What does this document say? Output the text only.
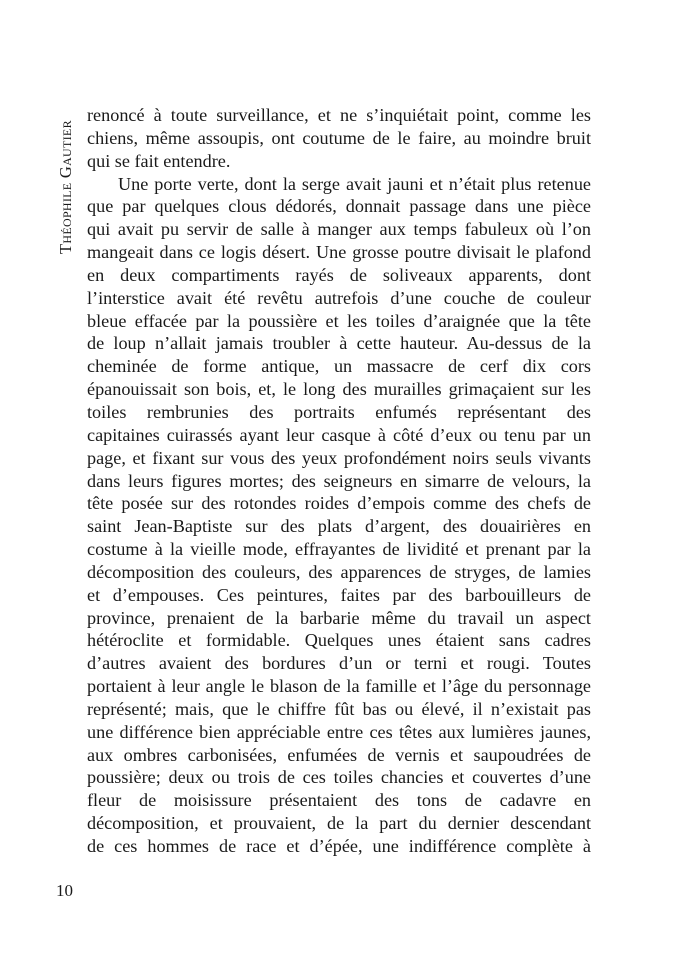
Théophile Gautier
renoncé à toute surveillance, et ne s’inquiétait point, comme les
chiens, même assoupis, ont coutume de le faire, au moindre bruit
qui se fait entendre.
Une porte verte, dont la serge avait jauni et n’était plus retenue
que par quelques clous dédorés, donnait passage dans une pièce
qui avait pu servir de salle à manger aux temps fabuleux où l’on
mangeait dans ce logis désert. Une grosse poutre divisait le plafond
en deux compartiments rayés de soliveaux apparents, dont
l’interstice avait été revêtu autrefois d’une couche de couleur
bleue effacée par la poussière et les toiles d’araignée que la tête
de loup n’allait jamais troubler à cette hauteur. Au-dessus de la
cheminée de forme antique, un massacre de cerf dix cors
épanouissait son bois, et, le long des murailles grimaçaient sur les
toiles rembrunies des portraits enfumés représentant des
capitaines cuirassés ayant leur casque à côté d’eux ou tenu par un
page, et fixant sur vous des yeux profondément noirs seuls vivants
dans leurs figures mortes; des seigneurs en simarre de velours, la
tête posée sur des rotondes roides d’empois comme des chefs de
saint Jean-Baptiste sur des plats d’argent, des douairières en
costume à la vieille mode, effrayantes de lividité et prenant par la
décomposition des couleurs, des apparences de stryges, de lamies
et d’empouses. Ces peintures, faites par des barbouilleurs de
province, prenaient de la barbarie même du travail un aspect
hétéroclite et formidable. Quelques unes étaient sans cadres
d’autres avaient des bordures d’un or terni et rougi. Toutes
portaient à leur angle le blason de la famille et l’âge du personnage
représenté; mais, que le chiffre fût bas ou élevé, il n’existait pas
une différence bien appréciable entre ces têtes aux lumières jaunes,
aux ombres carbonisées, enfumées de vernis et saupoudrées de
poussière; deux ou trois de ces toiles chancies et couvertes d’une
fleur de moisissure présentaient des tons de cadavre en
décomposition, et prouvaient, de la part du dernier descendant
de ces hommes de race et d’épée, une indifférence complète à
10
